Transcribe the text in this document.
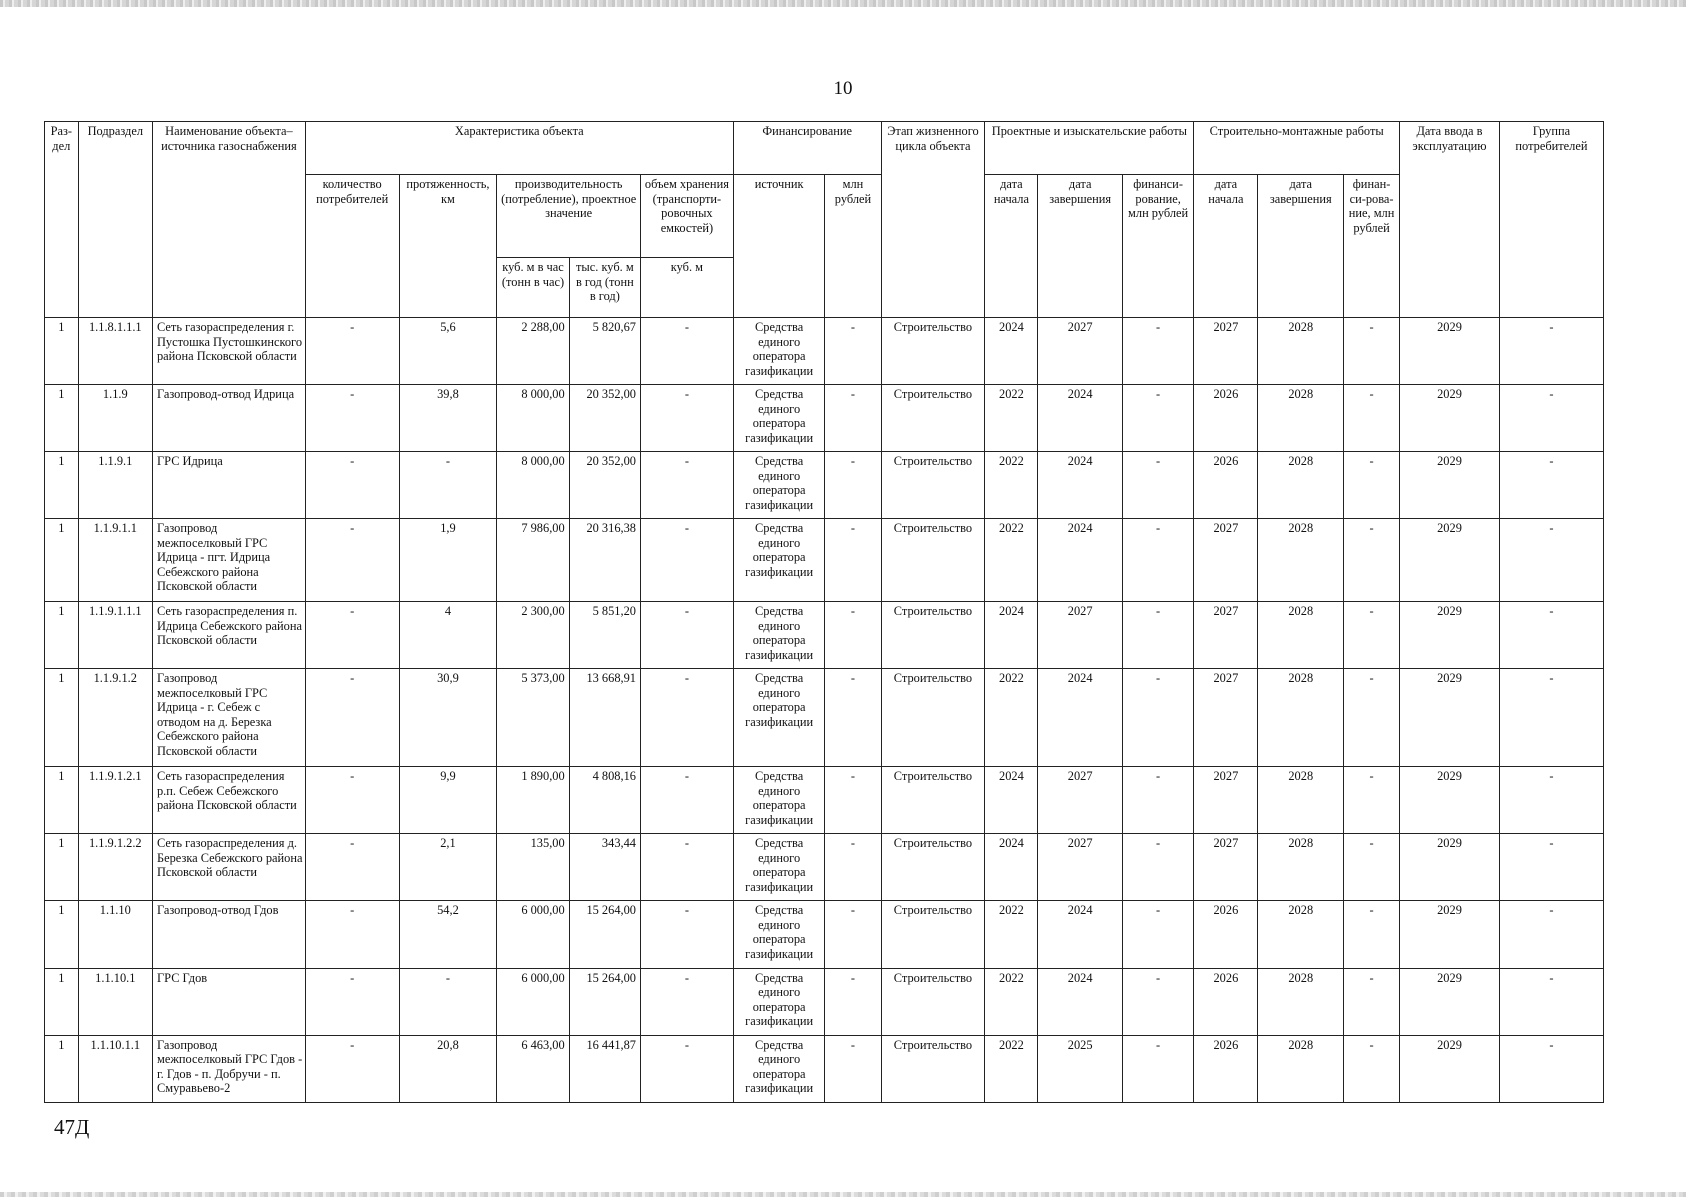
10
Раз-дел	Подраздел	Наименование объекта–источника газоснабжения	Характеристика объекта					Финансирование		Этап жизненного цикла объекта	Проектные и изыскательские работы			Строительно-монтажные работы			Дата ввода в эксплуатацию	Группа потребителей
			количество потребителей	протяженность, км	производительность (потребление), проектное значение		объем хранения (транспорти-ровочных емкостей)	источник	млн рублей		дата начала	дата завершения	финанси-рование, млн рублей	дата начала	дата завершения	финан-си-рова-ние, млн рублей		
					куб. м в час (тонн в час)	тыс. куб. м в год (тонн в год)	куб. м											
1	1.1.8.1.1.1	Сеть газораспределения г. Пустошка Пустошкинского района Псковской области	-	5,6	2 288,00	5 820,67	-	Средства единого оператора газификации	-	Строительство	2024	2027	-	2027	2028	-	2029	-
1	1.1.9	Газопровод-отвод Идрица	-	39,8	8 000,00	20 352,00	-	Средства единого оператора газификации	-	Строительство	2022	2024	-	2026	2028	-	2029	-
1	1.1.9.1	ГРС Идрица	-	-	8 000,00	20 352,00	-	Средства единого оператора газификации	-	Строительство	2022	2024	-	2026	2028	-	2029	-
1	1.1.9.1.1	Газопровод межпоселковый ГРС Идрица - пгт. Идрица Себежского района Псковской области	-	1,9	7 986,00	20 316,38	-	Средства единого оператора газификации	-	Строительство	2022	2024	-	2027	2028	-	2029	-
1	1.1.9.1.1.1	Сеть газораспределения п. Идрица Себежского района Псковской области	-	4	2 300,00	5 851,20	-	Средства единого оператора газификации	-	Строительство	2024	2027	-	2027	2028	-	2029	-
1	1.1.9.1.2	Газопровод межпоселковый ГРС Идрица - г. Себеж с отводом на д. Березка Себежского района Псковской области	-	30,9	5 373,00	13 668,91	-	Средства единого оператора газификации	-	Строительство	2022	2024	-	2027	2028	-	2029	-
1	1.1.9.1.2.1	Сеть газораспределения р.п. Себеж Себежского района Псковской области	-	9,9	1 890,00	4 808,16	-	Средства единого оператора газификации	-	Строительство	2024	2027	-	2027	2028	-	2029	-
1	1.1.9.1.2.2	Сеть газораспределения д. Березка Себежского района Псковской области	-	2,1	135,00	343,44	-	Средства единого оператора газификации	-	Строительство	2024	2027	-	2027	2028	-	2029	-
1	1.1.10	Газопровод-отвод Гдов	-	54,2	6 000,00	15 264,00	-	Средства единого оператора газификации	-	Строительство	2022	2024	-	2026	2028	-	2029	-
1	1.1.10.1	ГРС Гдов	-	-	6 000,00	15 264,00	-	Средства единого оператора газификации	-	Строительство	2022	2024	-	2026	2028	-	2029	-
1	1.1.10.1.1	Газопровод межпоселковый ГРС Гдов - г. Гдов - п. Добручи - п. Смуравьево-2	-	20,8	6 463,00	16 441,87	-	Средства единого оператора газификации	-	Строительство	2022	2025	-	2026	2028	-	2029	-
47Д
